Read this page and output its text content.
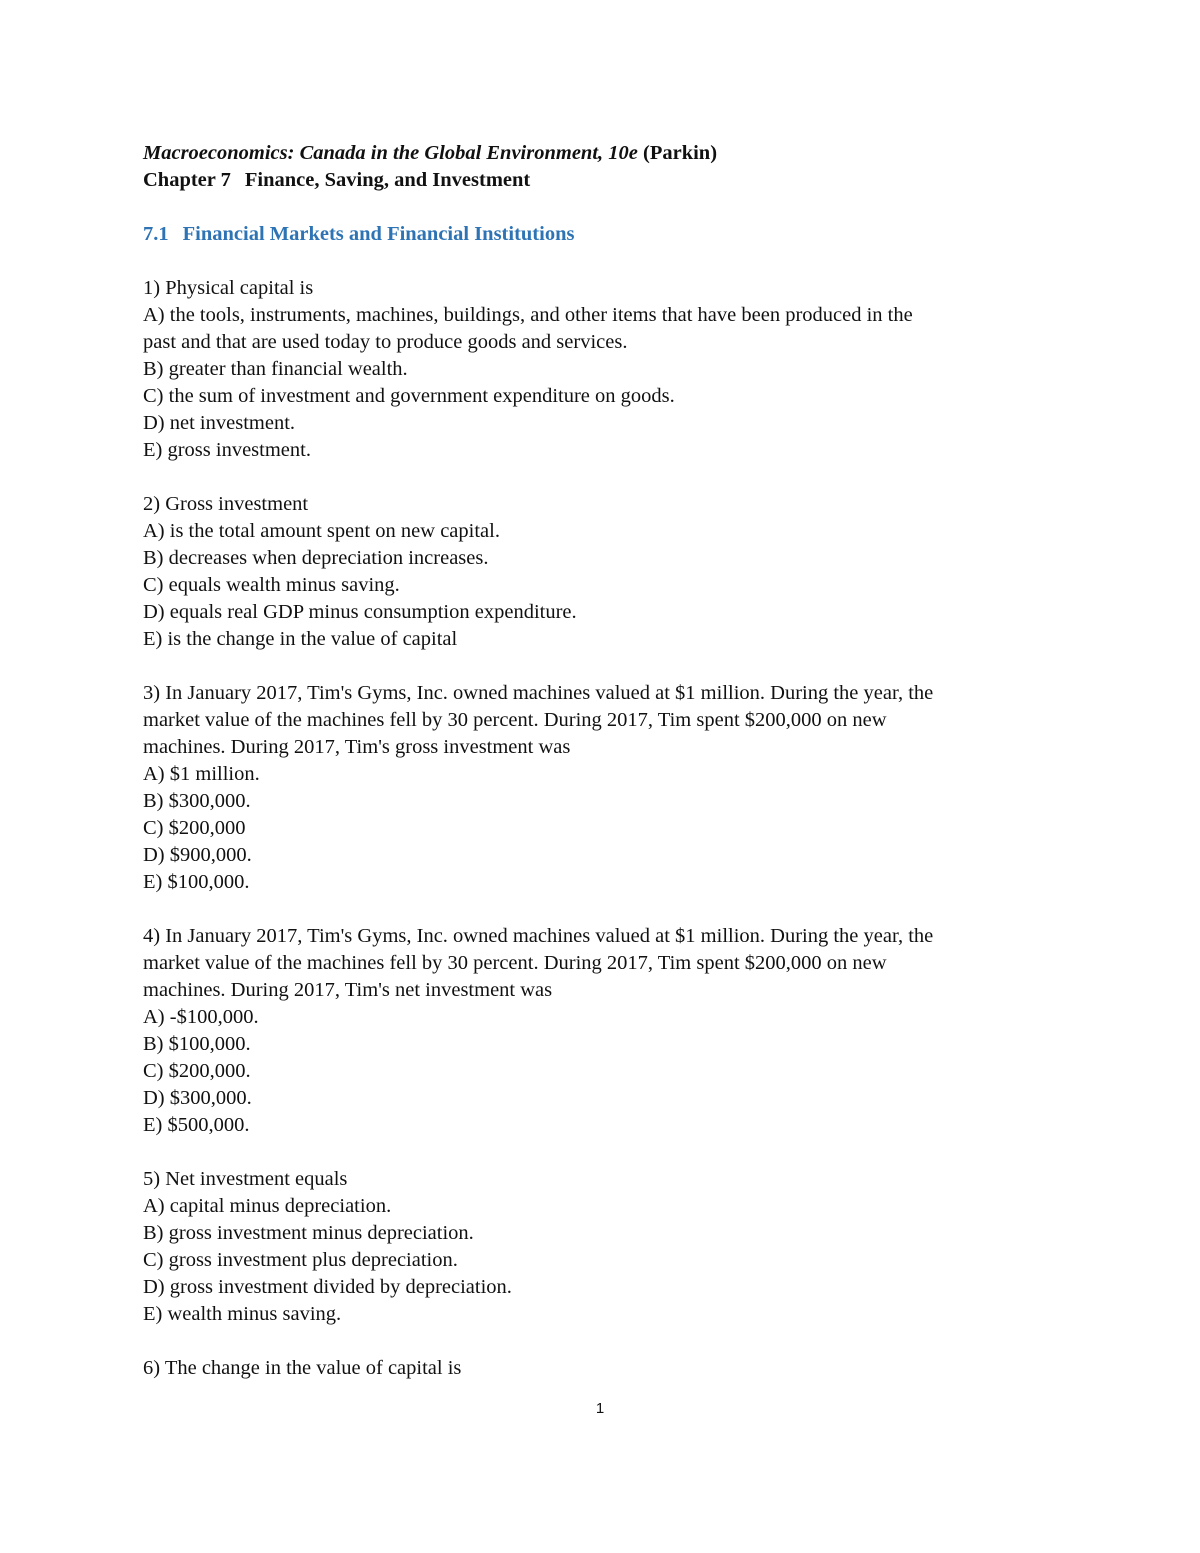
Macroeconomics: Canada in the Global Environment, 10e (Parkin)
Chapter 7 Finance, Saving, and Investment
7.1 Financial Markets and Financial Institutions
1) Physical capital is
A) the tools, instruments, machines, buildings, and other items that have been produced in the
past and that are used today to produce goods and services.
B) greater than financial wealth.
C) the sum of investment and government expenditure on goods.
D) net investment.
E) gross investment.
2) Gross investment
A) is the total amount spent on new capital.
B) decreases when depreciation increases.
C) equals wealth minus saving.
D) equals real GDP minus consumption expenditure.
E) is the change in the value of capital
3) In January 2017, Tim's Gyms, Inc. owned machines valued at $1 million. During the year, the
market value of the machines fell by 30 percent. During 2017, Tim spent $200,000 on new
machines. During 2017, Tim's gross investment was
A) $1 million.
B) $300,000.
C) $200,000
D) $900,000.
E) $100,000.
4) In January 2017, Tim's Gyms, Inc. owned machines valued at $1 million. During the year, the
market value of the machines fell by 30 percent. During 2017, Tim spent $200,000 on new
machines. During 2017, Tim's net investment was
A) -$100,000.
B) $100,000.
C) $200,000.
D) $300,000.
E) $500,000.
5) Net investment equals
A) capital minus depreciation.
B) gross investment minus depreciation.
C) gross investment plus depreciation.
D) gross investment divided by depreciation.
E) wealth minus saving.
6) The change in the value of capital is
1
